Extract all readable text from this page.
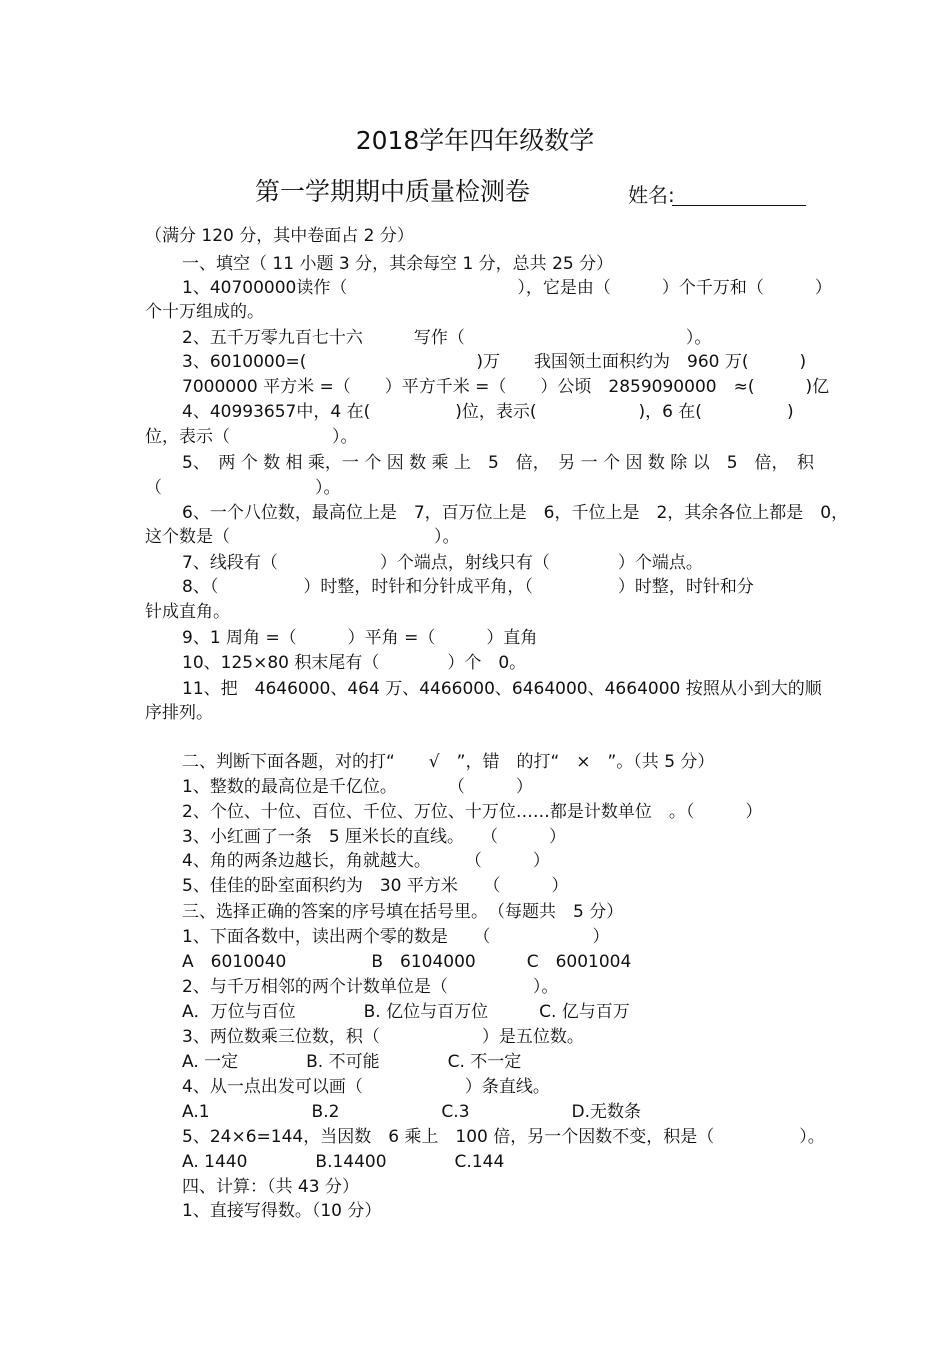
2018学年四年级数学
第一学期期中质量检测卷	姓名:
（满分 120 分，其中卷面占 2 分）
一、填空（ 11 小题 3 分，其余每空 1 分，总共 25 分）
1、40700000读作（　　　　　　　　　　），它是由（　　　）个千万和（　　　）
个十万组成的。
2、五千万零九百七十六　　　写作（　　　　　　　　　　　　　）。
3、6010000=(　　　　　　　　　　)万　　我国领土面积约为　960 万(　　　)
7000000 平方米 =（　　）平方千米 =（　　）公顷　2859090000　≈(　　　)亿
4、40993657中，4 在(　　　　　)位，表示(　　　　　　)，6 在(　　　　　)
位，表示（　　　　　　）。
5、　两 个 数 相 乘，一 个 因 数 乘 上　5　倍，　另 一 个 因 数 除 以　5　倍，　积
（　　　　　　　　　）。
6、一个八位数，最高位上是　7，百万位上是　6，千位上是　2，其余各位上都是　0，
这个数是（　　　　　　　　　　　　）。
7、线段有（　　　　　　）个端点，射线只有（　　　　）个端点。
8、（　　　　　）时整，时针和分针成平角，（　　　　　）时整，时针和分
针成直角。
9、1 周角 =（　　　）平角 =（　　　）直角
10、125×80 积末尾有（　　　　）个　0。
11、把　4646000、464 万、4466000、6464000、4664000 按照从小到大的顺
序排列。
二、判断下面各题，对的打“　　√　”，错　的打“　×　”。（共 5 分）
1、整数的最高位是千亿位。　　　　（　　　）
2、个位、十位、百位、千位、万位、十万位……都是计数单位　。（　　　）
3、小红画了一条　5 厘米长的直线。　　（　　　）
4、角的两条边越长，角就越大。　　　（　　　）
5、佳佳的卧室面积约为　30 平方米　　（　　　）
三、选择正确的答案的序号填在括号里。　（每题共　5 分）
1、下面各数中，读出两个零的数是　　（　　　　　　）
A　6010040　　　　　B　6104000　　　C　6001004
2、与千万相邻的两个计数单位是（　　　　　）。
A．万位与百位　　　　B. 亿位与百万位　　　C. 亿与百万
3、两位数乘三位数，积（　　　　　　）是五位数。
A. 一定　　　　B. 不可能　　　　C. 不一定
4、从一点出发可以画（　　　　　　）条直线。
A.1　　　　　　B.2　　　　　　C.3　　　　　　D.无数条
5、24×6=144，当因数　6 乘上　100 倍，另一个因数不变，积是（　　　　　）。
A. 1440　　　　B.14400　　　　C.144
四、计算：（共 43 分）
1、直接写得数。（10 分）
